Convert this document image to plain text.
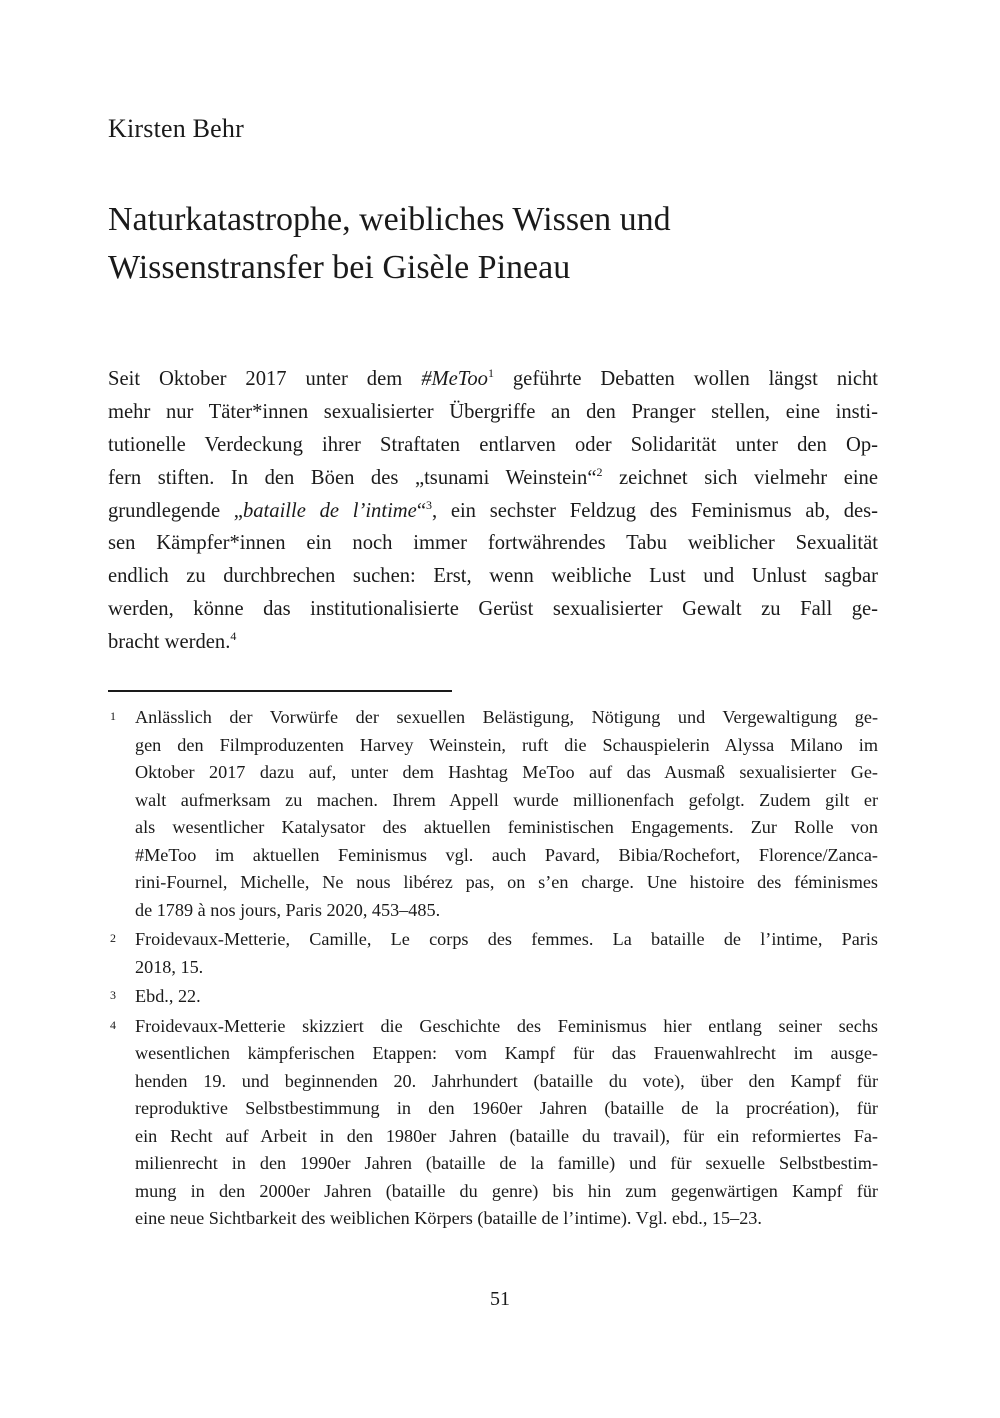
Kirsten Behr
Naturkatastrophe, weibliches Wissen und
Wissenstransfer bei Gisèle Pineau
Seit Oktober 2017 unter dem #MeToo$^1$ geführte Debatten wollen längst nicht
mehr nur Täter*innen sexualisierter Übergriffe an den Pranger stellen, eine insti-
tutionelle Verdeckung ihrer Straftaten entlarven oder Solidarität unter den Op-
fern stiften. In den Böen des „tsunami Weinstein“$^2$ zeichnet sich vielmehr eine
grundlegende „bataille de l’intime“$^3$, ein sechster Feldzug des Feminismus ab, des-
sen Kämpfer*innen ein noch immer fortwährendes Tabu weiblicher Sexualität
endlich zu durchbrechen suchen: Erst, wenn weibliche Lust und Unlust sagbar
werden, könne das institutionalisierte Gerüst sexualisierter Gewalt zu Fall ge-
bracht werden.$^4$
1 Anlässlich der Vorwürfe der sexuellen Belästigung, Nötigung und Vergewaltigung ge-
gen den Filmproduzenten Harvey Weinstein, ruft die Schauspielerin Alyssa Milano im
Oktober 2017 dazu auf, unter dem Hashtag MeToo auf das Ausmaß sexualisierter Ge-
walt aufmerksam zu machen. Ihrem Appell wurde millionenfach gefolgt. Zudem gilt er
als wesentlicher Katalysator des aktuellen feministischen Engagements. Zur Rolle von
#MeToo im aktuellen Feminismus vgl. auch Pavard, Bibia/Rochefort, Florence/Zanca-
rini-Fournel, Michelle, Ne nous libérez pas, on s’en charge. Une histoire des féminismes
de 1789 à nos jours, Paris 2020, 453–485.
2 Froidevaux-Metterie, Camille, Le corps des femmes. La bataille de l’intime, Paris
2018, 15.
3 Ebd., 22.
4 Froidevaux-Metterie skizziert die Geschichte des Feminismus hier entlang seiner sechs
wesentlichen kämpferischen Etappen: vom Kampf für das Frauenwahlrecht im ausge-
henden 19. und beginnenden 20. Jahrhundert (bataille du vote), über den Kampf für
reproduktive Selbstbestimmung in den 1960er Jahren (bataille de la procréation), für
ein Recht auf Arbeit in den 1980er Jahren (bataille du travail), für ein reformiertes Fa-
milienrecht in den 1990er Jahren (bataille de la famille) und für sexuelle Selbstbestim-
mung in den 2000er Jahren (bataille du genre) bis hin zum gegenwärtigen Kampf für
eine neue Sichtbarkeit des weiblichen Körpers (bataille de l’intime). Vgl. ebd., 15–23.
51
